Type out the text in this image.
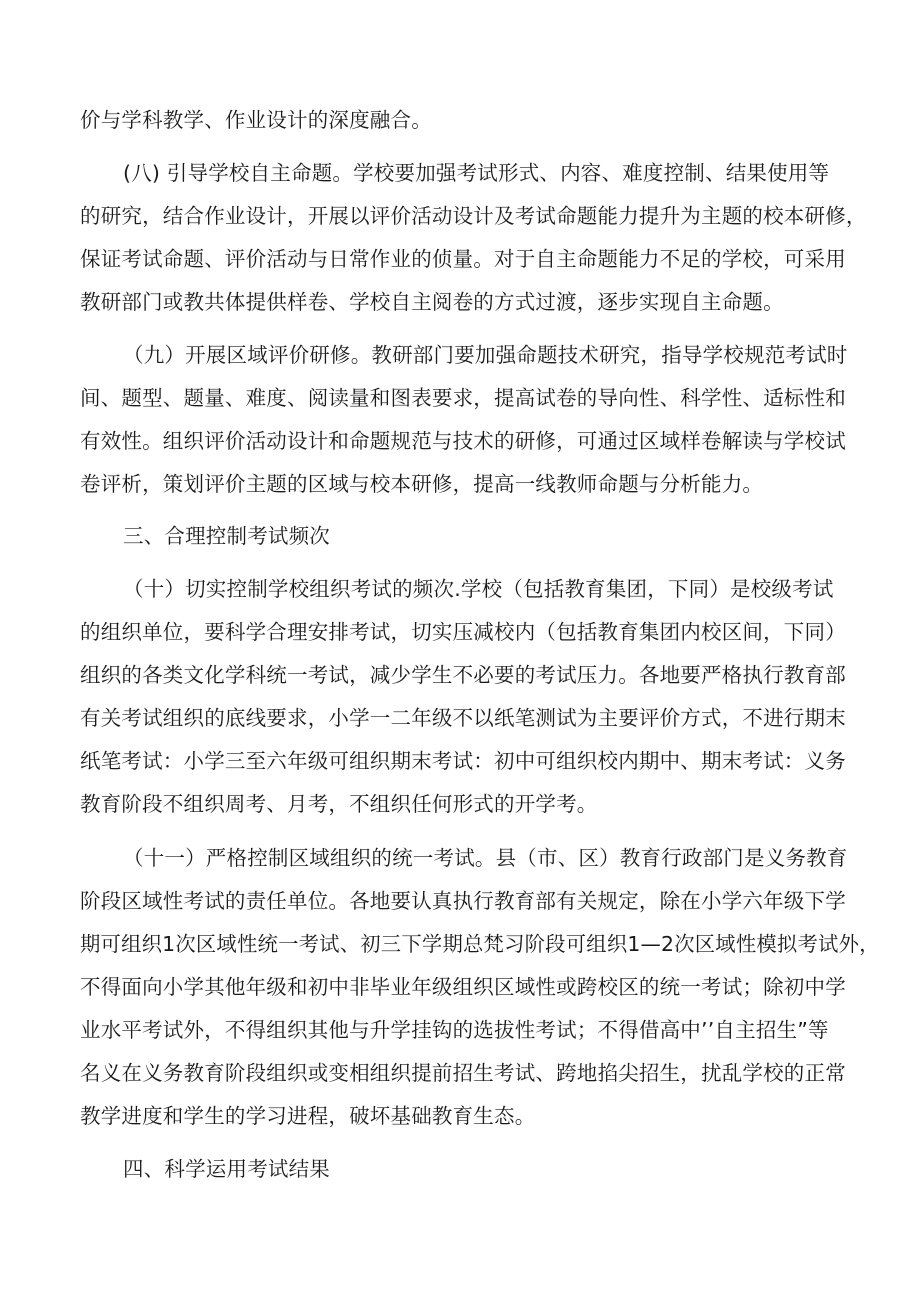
价与学科教学、作业设计的深度融合。
(八) 引导学校自主命题。学校要加强考试形式、内容、难度控制、结果使用等
的研究，结合作业设计，开展以评价活动设计及考试命题能力提升为主题的校本研修，
保证考试命题、评价活动与日常作业的侦量。对于自主命题能力不足的学校，可采用
教研部门或教共体提供样卷、学校自主阅卷的方式过渡，逐步实现自主命题。
（九）开展区域评价研修。教研部门要加强命题技术研究，指导学校规范考试时
间、题型、题量、难度、阅读量和图表要求，提高试卷的导向性、科学性、适标性和
有效性。组织评价活动设计和命题规范与技术的研修，可通过区域样卷解读与学校试
卷评析，策划评价主题的区域与校本研修，提高一线教师命题与分析能力。
三、合理控制考试频次
（十）切实控制学校组织考试的频次.学校（包括教育集团，下同）是校级考试
的组织单位，要科学合理安排考试，切实压减校内（包括教育集团内校区间，下同）
组织的各类文化学科统一考试，减少学生不必要的考试压力。各地要严格执行教育部
有关考试组织的底线要求，小学一二年级不以纸笔测试为主要评价方式，不进行期末
纸笔考试：小学三至六年级可组织期末考试：初中可组织校内期中、期末考试：义务
教育阶段不组织周考、月考，不组织任何形式的开学考。
（十一）严格控制区域组织的统一考试。县（市、区）教育行政部门是义务教育
阶段区域性考试的责任单位。各地要认真执行教育部有关规定，除在小学六年级下学
期可组织1次区域性统一考试、初三下学期总梵习阶段可组织1—2次区域性模拟考试外，
不得面向小学其他年级和初中非毕业年级组织区域性或跨校区的统一考试；除初中学
业水平考试外，不得组织其他与升学挂钩的选拔性考试；不得借高中’’自主招生”等
名义在义务教育阶段组织或变相组织提前招生考试、跨地掐尖招生，扰乱学校的正常
教学进度和学生的学习进程，破坏基础教育生态。
四、科学运用考试结果
